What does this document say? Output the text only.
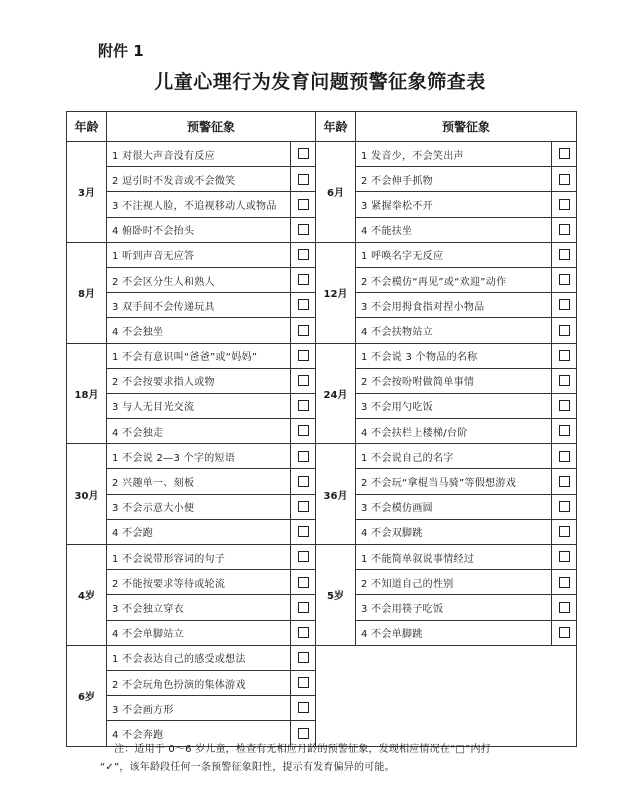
附件 1
儿童心理行为发育问题预警征象筛查表
年龄	预警征象		年龄	预警征象	
3月	1 对很大声音没有反应		6月	1 发音少，不会笑出声	
	2 逗引时不发音或不会微笑			2 不会伸手抓物	
	3 不注视人脸，不追视移动人或物品			3 紧握拳松不开	
	4 俯卧时不会抬头			4 不能扶坐	
8月	1 听到声音无应答		12月	1 呼唤名字无反应	
	2 不会区分生人和熟人			2 不会模仿“再见”或“欢迎”动作	
	3 双手间不会传递玩具			3 不会用拇食指对捏小物品	
	4 不会独坐			4 不会扶物站立	
18月	1 不会有意识叫“爸爸”或“妈妈”		24月	1 不会说 3 个物品的名称	
	2 不会按要求指人或物			2 不会按吩咐做简单事情	
	3 与人无目光交流			3 不会用勺吃饭	
	4 不会独走			4 不会扶栏上楼梯/台阶	
30月	1 不会说 2—3 个字的短语		36月	1 不会说自己的名字	
	2 兴趣单一、刻板			2 不会玩“拿棍当马骑”等假想游戏	
	3 不会示意大小便			3 不会模仿画圆	
	4 不会跑			4 不会双脚跳	
4岁	1 不会说带形容词的句子		5岁	1 不能简单叙说事情经过	
	2 不能按要求等待或轮流			2 不知道自己的性别	
	3 不会独立穿衣			3 不会用筷子吃饭	
	4 不会单脚站立			4 不会单脚跳	
6岁	1 不会表达自己的感受或想法				
	2 不会玩角色扮演的集体游戏				
	3 不会画方形				
	4 不会奔跑				
注：适用于 0～6 岁儿童，检查有无相应月龄的预警征象，发现相应情况在“□”内打
“✓”，该年龄段任何一条预警征象阳性，提示有发育偏异的可能。
